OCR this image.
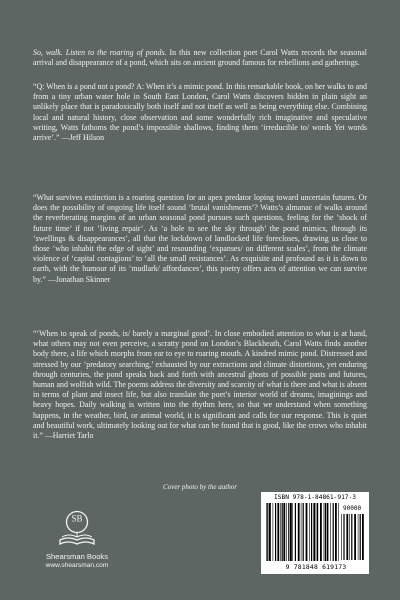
So, walk. Listen to the roaring of ponds. In this new collection poet Carol Watts records the seasonal arrival and disappearance of a pond, which sits on ancient ground famous for rebellions and gatherings.

“Q: When is a pond not a pond? A: When it’s a mimic pond. In this remarkable book, on her walks to and from a tiny urban water hole in South East London, Carol Watts discovers hidden in plain sight an unlikely place that is paradoxically both itself and not itself as well as being everything else. Combining local and natural history, close observation and some wonderfully rich imaginative and speculative writing, Watts fathoms the pond’s impossible shallows, finding them ‘irreducible to/ words Yet words arrive’.” —Jeff Hilson

“What survives extinction is a roaring question for an apex predator loping toward uncertain futures. Or does the possibility of ongoing life itself sound ‘brutal vanishments’? Watts’s almanac of walks around the reverberating margins of an urban seasonal pond pursues such questions, feeling for the ‘shock of future time’ if not ‘living repair’. As ‘a hole to see the sky through’ the pond mimics, through its ‘swellings & disappearances’, all that the lockdown of landlocked life forecloses, drawing us close to those ‘who inhabit the edge of sight’ and resounding ‘expanses/ on different scales’, from the climate violence of ‘capital contagions’ to ‘all the small resistances’. As exquisite and profound as it is down to earth, with the humour of its ‘mudlark/ affordances’, this poetry offers acts of attention we can survive by.” —Jonathan Skinner

“‘When to speak of ponds, is/ barely a marginal good’. In close embodied attention to what is at hand, what others may not even perceive, a scratty pond on London’s Blackheath, Carol Watts finds another body there, a life which morphs from ear to eye to roaring mouth. A kindred mimic pond. Distressed and stressed by our ‘predatory searching,’ exhausted by our extractions and climate distortions, yet enduring through centuries, the pond speaks back and forth with ancestral ghosts of possible pasts and futures, human and wolfish wild. The poems address the diversity and scarcity of what is there and what is absent in terms of plant and insect life, but also translate the poet’s interior world of dreams, imaginings and heavy hopes. Daily walking is written into the rhythm here, so that we understand when something happens, in the weather, bird, or animal world, it is significant and calls for our response. This is quiet and beautiful work, ultimately looking out for what can be found that is good, like the crows who inhabit it.” —Harriet Tarlo

Cover photo by the author

SB
Shearsman Books
www.shearsman.com
ISBN 978-1-84861-917-3
90000
9 781848 619173
